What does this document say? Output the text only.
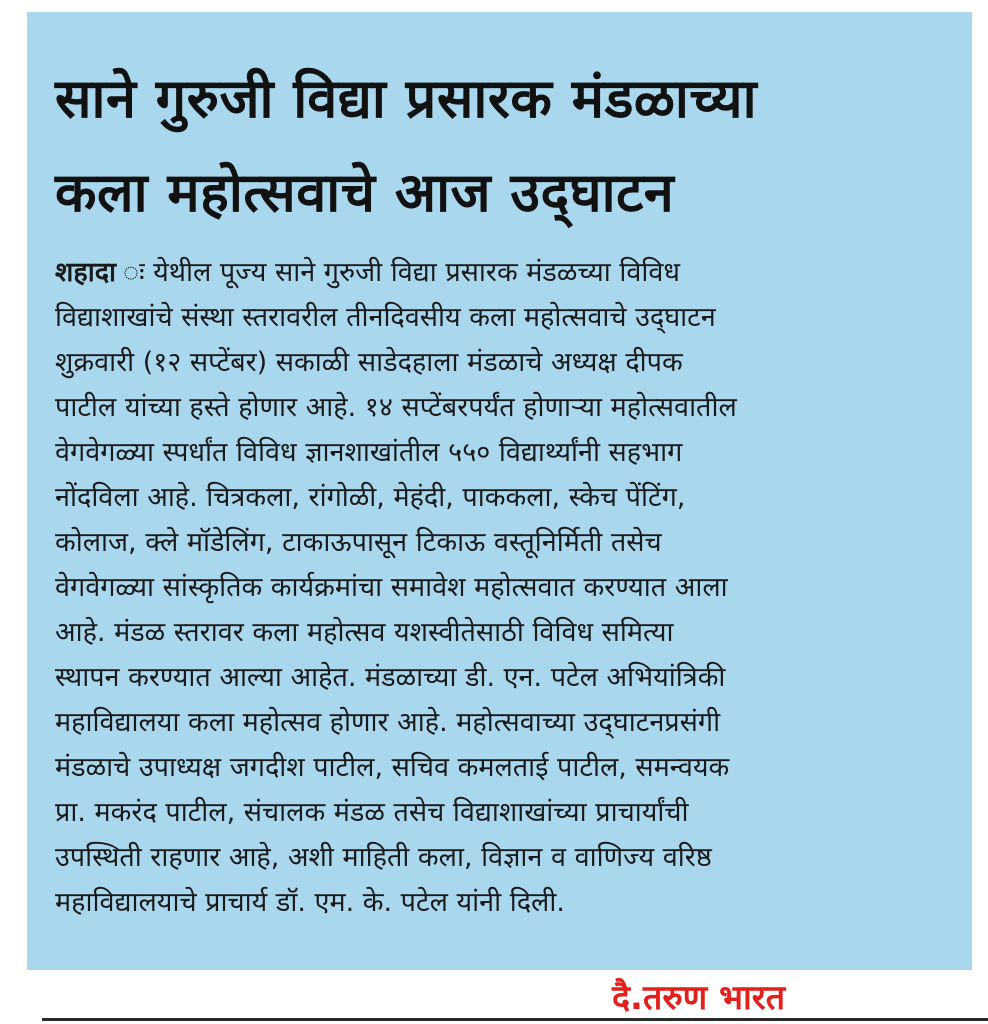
साने गुरुजी विद्या प्रसारक मंडळाच्या
कला महोत्सवाचे आज उद्‌घाटन
शहादा ः येथील पूज्य साने गुरुजी विद्या प्रसारक मंडळच्या विविध
विद्याशाखांचे संस्था स्तरावरील तीनदिवसीय कला महोत्सवाचे उद्‌घाटन
शुक्रवारी (१२ सप्टेंबर) सकाळी साडेदहाला मंडळाचे अध्यक्ष दीपक
पाटील यांच्या हस्ते होणार आहे. १४ सप्टेंबरपर्यंत होणाऱ्या महोत्सवातील
वेगवेगळ्या स्पर्धांत विविध ज्ञानशाखांतील ५५० विद्यार्थ्यांनी सहभाग
नोंदविला आहे. चित्रकला, रांगोळी, मेहंदी, पाककला, स्केच पेंटिंग,
कोलाज, क्ले मॉडेलिंग, टाकाऊपासून टिकाऊ वस्तूनिर्मिती तसेच
वेगवेगळ्या सांस्कृतिक कार्यक्रमांचा समावेश महोत्सवात करण्यात आला
आहे. मंडळ स्तरावर कला महोत्सव यशस्वीतेसाठी विविध समित्या
स्थापन करण्यात आल्या आहेत. मंडळाच्या डी. एन. पटेल अभियांत्रिकी
महाविद्यालया कला महोत्सव होणार आहे. महोत्सवाच्या उद्‌घाटनप्रसंगी
मंडळाचे उपाध्यक्ष जगदीश पाटील, सचिव कमलताई पाटील, समन्वयक
प्रा. मकरंद पाटील, संचालक मंडळ तसेच विद्याशाखांच्या प्राचार्यांची
उपस्थिती राहणार आहे, अशी माहिती कला, विज्ञान व वाणिज्य वरिष्ठ
महाविद्यालयाचे प्राचार्य डॉ. एम. के. पटेल यांनी दिली.
दै.तरुण भारत
